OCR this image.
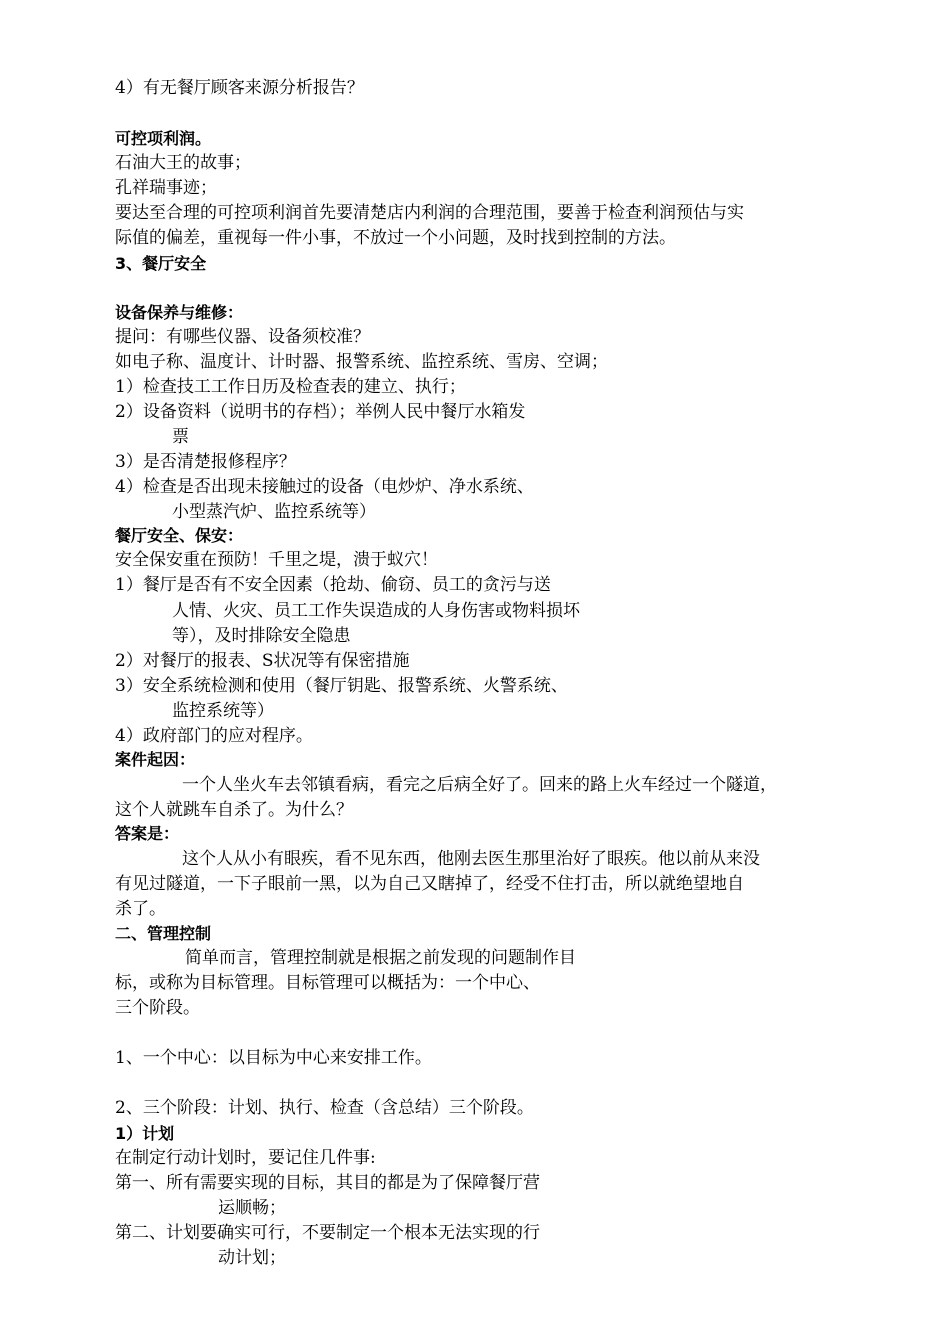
4）有无餐厅顾客来源分析报告？
可控项利润。
石油大王的故事；
孔祥瑞事迹；
要达至合理的可控项利润首先要清楚店内利润的合理范围，要善于检查利润预估与实
际值的偏差，重视每一件小事，不放过一个小问题，及时找到控制的方法。
3、餐厅安全
设备保养与维修：
提问：有哪些仪器、设备须校准？
如电子称、温度计、计时器、报警系统、监控系统、雪房、空调；
1）检查技工工作日历及检查表的建立、执行；
2）设备资料（说明书的存档）；举例人民中餐厅水箱发
票
3）是否清楚报修程序？
4）检查是否出现未接触过的设备（电炒炉、净水系统、
小型蒸汽炉、监控系统等）
餐厅安全、保安：
安全保安重在预防！千里之堤，溃于蚁穴！
1）餐厅是否有不安全因素（抢劫、偷窃、员工的贪污与送
人情、火灾、员工工作失误造成的人身伤害或物料损坏
等），及时排除安全隐患
2）对餐厅的报表、S状况等有保密措施
3）安全系统检测和使用（餐厅钥匙、报警系统、火警系统、
监控系统等）
4）政府部门的应对程序。
案件起因：
一个人坐火车去邻镇看病，看完之后病全好了。回来的路上火车经过一个隧道，
这个人就跳车自杀了。为什么？
答案是：
这个人从小有眼疾，看不见东西，他刚去医生那里治好了眼疾。他以前从来没
有见过隧道，一下子眼前一黑，以为自己又瞎掉了，经受不住打击，所以就绝望地自
杀了。
二、管理控制
简单而言，管理控制就是根据之前发现的问题制作目
标，或称为目标管理。目标管理可以概括为：一个中心、
三个阶段。
1、一个中心：以目标为中心来安排工作。
2、三个阶段：计划、执行、检查（含总结）三个阶段。
1）计划
在制定行动计划时，要记住几件事:
第一、所有需要实现的目标，其目的都是为了保障餐厅营
运顺畅；
第二、计划要确实可行，不要制定一个根本无法实现的行
动计划；
